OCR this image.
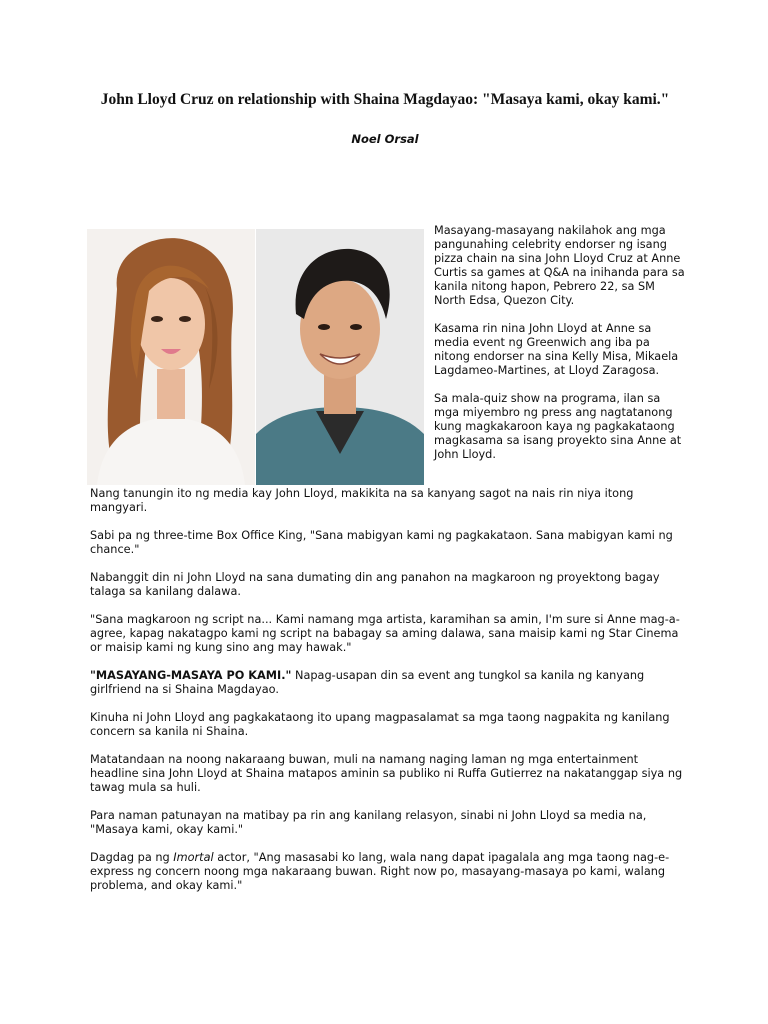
John Lloyd Cruz on relationship with Shaina Magdayao: "Masaya kami, okay kami."
Noel Orsal

Masayang-masayang nakilahok ang mga pangunahing celebrity endorser ng isang pizza chain na sina John Lloyd Cruz at Anne Curtis sa games at Q&A na inihanda para sa kanila nitong hapon, Pebrero 22, sa SM North Edsa, Quezon City.

Kasama rin nina John Lloyd at Anne sa media event ng Greenwich ang iba pa nitong endorser na sina Kelly Misa, Mikaela Lagdameo-Martines, at Lloyd Zaragosa.

Sa mala-quiz show na programa, ilan sa mga miyembro ng press ang nagtatanong kung magkakaroon kaya ng pagkakataong magkasama sa isang proyekto sina Anne at John Lloyd.

Nang tanungin ito ng media kay John Lloyd, makikita na sa kanyang sagot na nais rin niya itong mangyari.

Sabi pa ng three-time Box Office King, "Sana mabigyan kami ng pagkakataon. Sana mabigyan kami ng chance."

Nabanggit din ni John Lloyd na sana dumating din ang panahon na magkaroon ng proyektong bagay talaga sa kanilang dalawa.

"Sana magkaroon ng script na... Kami namang mga artista, karamihan sa amin, I'm sure si Anne mag-a-agree, kapag nakatagpo kami ng script na babagay sa aming dalawa, sana maisip kami ng Star Cinema or maisip kami ng kung sino ang may hawak."

"MASAYANG-MASAYA PO KAMI." Napag-usapan din sa event ang tungkol sa kanila ng kanyang girlfriend na si Shaina Magdayao.

Kinuha ni John Lloyd ang pagkakataong ito upang magpasalamat sa mga taong nagpakita ng kanilang concern sa kanila ni Shaina.

Matatandaan na noong nakaraang buwan, muli na namang naging laman ng mga entertainment headline sina John Lloyd at Shaina matapos aminin sa publiko ni Ruffa Gutierrez na nakatanggap siya ng tawag mula sa huli.

Para naman patunayan na matibay pa rin ang kanilang relasyon, sinabi ni John Lloyd sa media na, "Masaya kami, okay kami."

Dagdag pa ng Imortal actor, "Ang masasabi ko lang, wala nang dapat ipagalala ang mga taong nag-e-express ng concern noong mga nakaraang buwan. Right now po, masayang-masaya po kami, walang problema, and okay kami."
